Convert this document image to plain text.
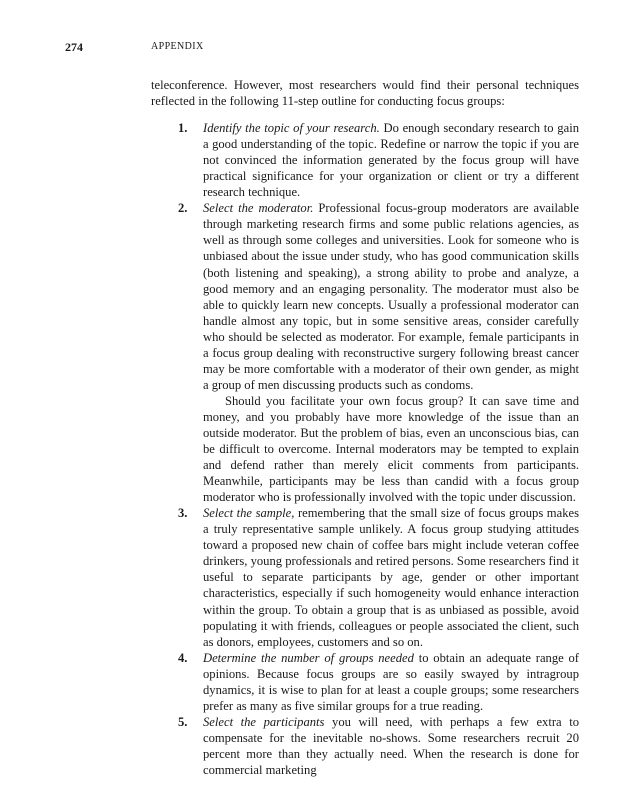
274	APPENDIX

teleconference. However, most researchers would find their personal techniques reflected in the following 11-step outline for conducting focus groups:

1. Identify the topic of your research. Do enough secondary research to gain a good understanding of the topic. Redefine or narrow the topic if you are not convinced the information generated by the focus group will have practical significance for your organization or client or try a different research technique.

2. Select the moderator. Professional focus-group moderators are available through marketing research firms and some public relations agencies, as well as through some colleges and universities. Look for someone who is unbiased about the issue under study, who has good communication skills (both listening and speaking), a strong ability to probe and analyze, a good memory and an engaging personality. The moderator must also be able to quickly learn new concepts. Usually a professional moderator can handle almost any topic, but in some sensitive areas, consider carefully who should be selected as moderator. For example, female participants in a focus group dealing with reconstructive surgery following breast cancer may be more comfortable with a moderator of their own gender, as might a group of men discussing products such as condoms.

Should you facilitate your own focus group? It can save time and money, and you probably have more knowledge of the issue than an outside moderator. But the problem of bias, even an unconscious bias, can be difficult to overcome. Internal moderators may be tempted to explain and defend rather than merely elicit comments from participants. Meanwhile, participants may be less than candid with a focus group moderator who is professionally involved with the topic under discussion.

3. Select the sample, remembering that the small size of focus groups makes a truly representative sample unlikely. A focus group studying attitudes toward a proposed new chain of coffee bars might include veteran coffee drinkers, young professionals and retired persons. Some researchers find it useful to separate participants by age, gender or other important characteristics, especially if such homogeneity would enhance interaction within the group. To obtain a group that is as unbiased as possible, avoid populating it with friends, colleagues or people associated the client, such as donors, employees, customers and so on.

4. Determine the number of groups needed to obtain an adequate range of opinions. Because focus groups are so easily swayed by intragroup dynamics, it is wise to plan for at least a couple groups; some researchers prefer as many as five similar groups for a true reading.

5. Select the participants you will need, with perhaps a few extra to compensate for the inevitable no-shows. Some researchers recruit 20 percent more than they actually need. When the research is done for commercial marketing
